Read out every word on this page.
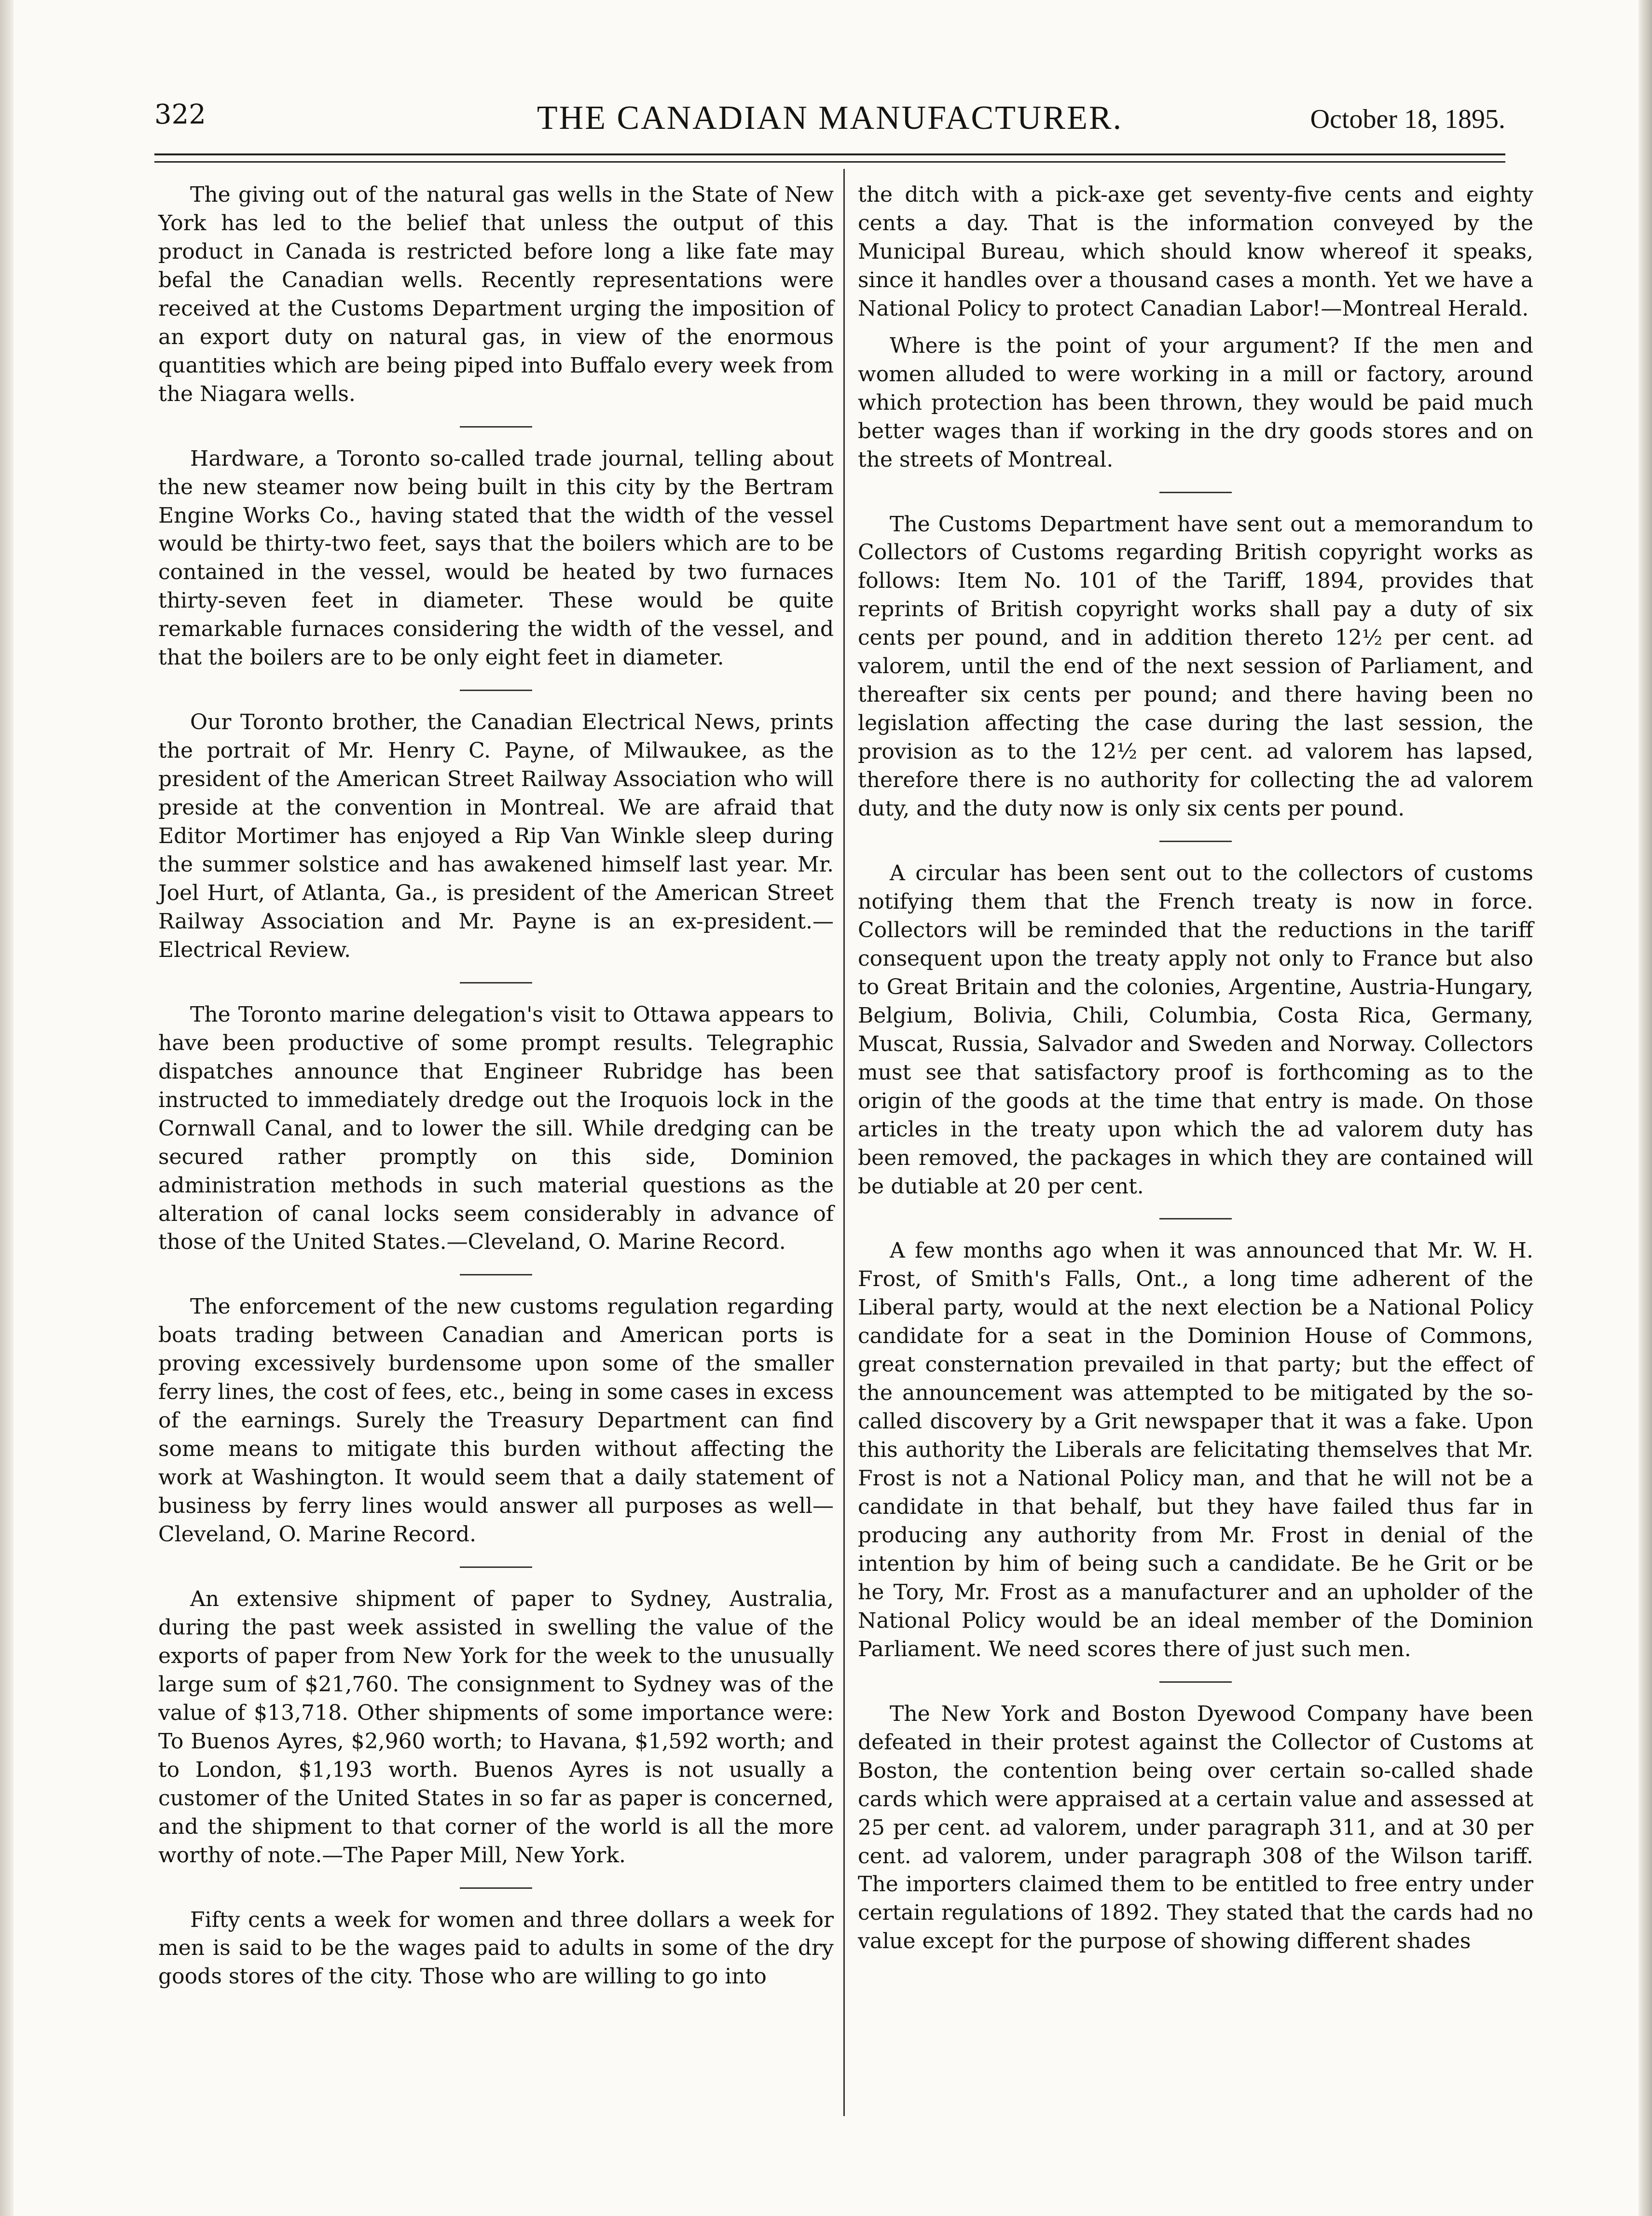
322	THE CANADIAN MANUFACTURER.	October 18, 1895.

The giving out of the natural gas wells in the State of New York has led to the belief that unless the output of this product in Canada is restricted before long a like fate may befal the Canadian wells. Recently representations were received at the Customs Department urging the imposition of an export duty on natural gas, in view of the enormous quantities which are being piped into Buffalo every week from the Niagara wells.

Hardware, a Toronto so-called trade journal, telling about the new steamer now being built in this city by the Bertram Engine Works Co., having stated that the width of the vessel would be thirty-two feet, says that the boilers which are to be contained in the vessel, would be heated by two furnaces thirty-seven feet in diameter. These would be quite remarkable furnaces considering the width of the vessel, and that the boilers are to be only eight feet in diameter.

Our Toronto brother, the Canadian Electrical News, prints the portrait of Mr. Henry C. Payne, of Milwaukee, as the president of the American Street Railway Association who will preside at the convention in Montreal. We are afraid that Editor Mortimer has enjoyed a Rip Van Winkle sleep during the summer solstice and has awakened himself last year. Mr. Joel Hurt, of Atlanta, Ga., is president of the American Street Railway Association and Mr. Payne is an ex-president.—Electrical Review.

The Toronto marine delegation's visit to Ottawa appears to have been productive of some prompt results. Telegraphic dispatches announce that Engineer Rubridge has been instructed to immediately dredge out the Iroquois lock in the Cornwall Canal, and to lower the sill. While dredging can be secured rather promptly on this side, Dominion administration methods in such material questions as the alteration of canal locks seem considerably in advance of those of the United States.—Cleveland, O. Marine Record.

The enforcement of the new customs regulation regarding boats trading between Canadian and American ports is proving excessively burdensome upon some of the smaller ferry lines, the cost of fees, etc., being in some cases in excess of the earnings. Surely the Treasury Department can find some means to mitigate this burden without affecting the work at Washington. It would seem that a daily statement of business by ferry lines would answer all purposes as well—Cleveland, O. Marine Record.

An extensive shipment of paper to Sydney, Australia, during the past week assisted in swelling the value of the exports of paper from New York for the week to the unusually large sum of $21,760. The consignment to Sydney was of the value of $13,718. Other shipments of some importance were: To Buenos Ayres, $2,960 worth; to Havana, $1,592 worth; and to London, $1,193 worth. Buenos Ayres is not usually a customer of the United States in so far as paper is concerned, and the shipment to that corner of the world is all the more worthy of note.—The Paper Mill, New York.

Fifty cents a week for women and three dollars a week for men is said to be the wages paid to adults in some of the dry goods stores of the city. Those who are willing to go into

the ditch with a pick-axe get seventy-five cents and eighty cents a day. That is the information conveyed by the Municipal Bureau, which should know whereof it speaks, since it handles over a thousand cases a month. Yet we have a National Policy to protect Canadian Labor!—Montreal Herald.

Where is the point of your argument? If the men and women alluded to were working in a mill or factory, around which protection has been thrown, they would be paid much better wages than if working in the dry goods stores and on the streets of Montreal.

The Customs Department have sent out a memorandum to Collectors of Customs regarding British copyright works as follows: Item No. 101 of the Tariff, 1894, provides that reprints of British copyright works shall pay a duty of six cents per pound, and in addition thereto 12½ per cent. ad valorem, until the end of the next session of Parliament, and thereafter six cents per pound; and there having been no legislation affecting the case during the last session, the provision as to the 12½ per cent. ad valorem has lapsed, therefore there is no authority for collecting the ad valorem duty, and the duty now is only six cents per pound.

A circular has been sent out to the collectors of customs notifying them that the French treaty is now in force. Collectors will be reminded that the reductions in the tariff consequent upon the treaty apply not only to France but also to Great Britain and the colonies, Argentine, Austria-Hungary, Belgium, Bolivia, Chili, Columbia, Costa Rica, Germany, Muscat, Russia, Salvador and Sweden and Norway. Collectors must see that satisfactory proof is forthcoming as to the origin of the goods at the time that entry is made. On those articles in the treaty upon which the ad valorem duty has been removed, the packages in which they are contained will be dutiable at 20 per cent.

A few months ago when it was announced that Mr. W. H. Frost, of Smith's Falls, Ont., a long time adherent of the Liberal party, would at the next election be a National Policy candidate for a seat in the Dominion House of Commons, great consternation prevailed in that party; but the effect of the announcement was attempted to be mitigated by the so-called discovery by a Grit newspaper that it was a fake. Upon this authority the Liberals are felicitating themselves that Mr. Frost is not a National Policy man, and that he will not be a candidate in that behalf, but they have failed thus far in producing any authority from Mr. Frost in denial of the intention by him of being such a candidate. Be he Grit or be he Tory, Mr. Frost as a manufacturer and an upholder of the National Policy would be an ideal member of the Dominion Parliament. We need scores there of just such men.

The New York and Boston Dyewood Company have been defeated in their protest against the Collector of Customs at Boston, the contention being over certain so-called shade cards which were appraised at a certain value and assessed at 25 per cent. ad valorem, under paragraph 311, and at 30 per cent. ad valorem, under paragraph 308 of the Wilson tariff. The importers claimed them to be entitled to free entry under certain regulations of 1892. They stated that the cards had no value except for the purpose of showing different shades
